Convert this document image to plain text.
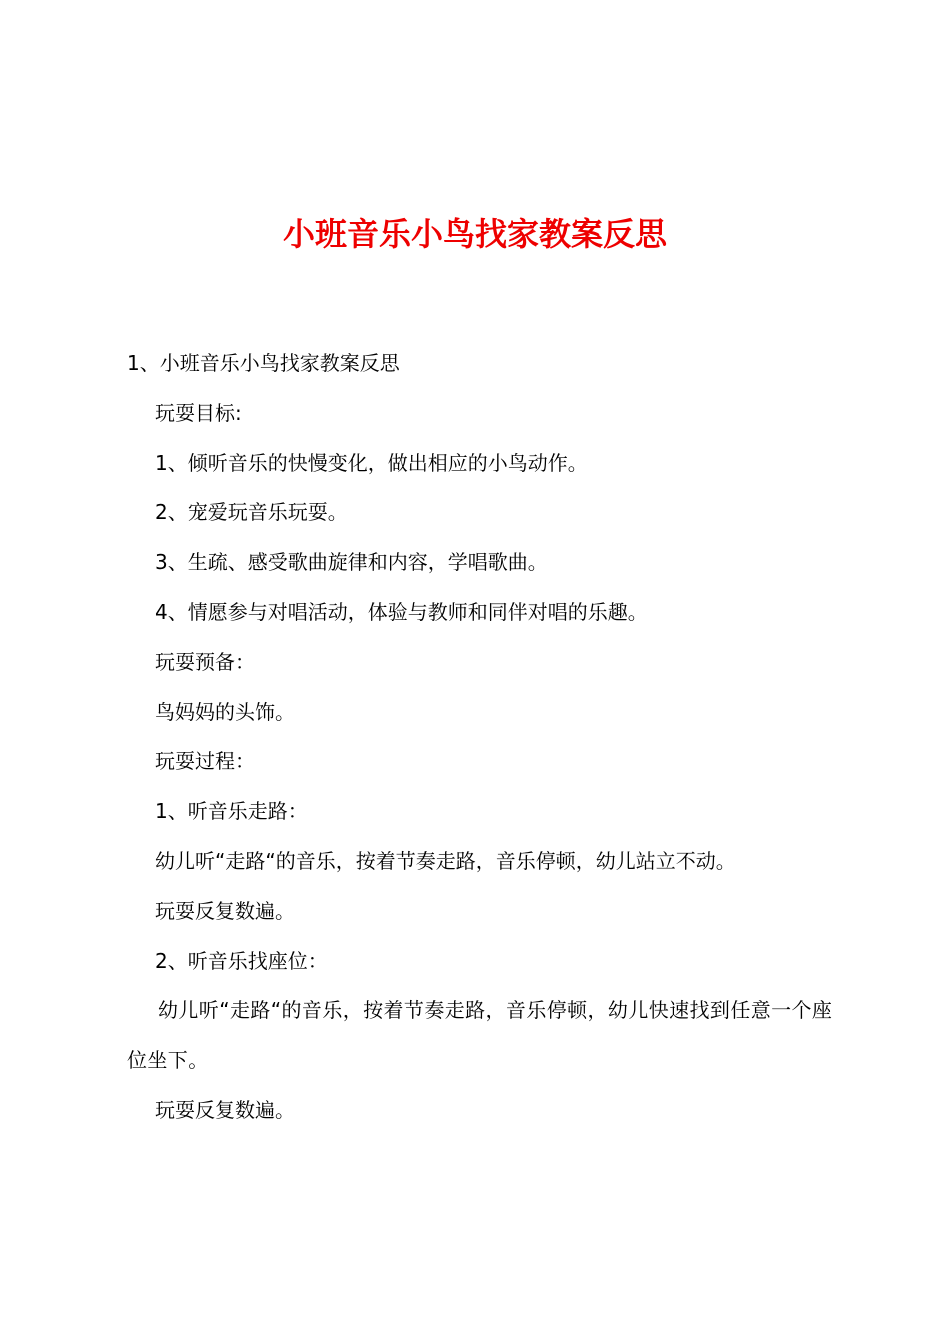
小班音乐小鸟找家教案反思

1、小班音乐小鸟找家教案反思

玩耍目标:

1、倾听音乐的快慢变化，做出相应的小鸟动作。

2、宠爱玩音乐玩耍。

3、生疏、感受歌曲旋律和内容，学唱歌曲。

4、情愿参与对唱活动，体验与教师和同伴对唱的乐趣。

玩耍预备：

鸟妈妈的头饰。

玩耍过程：

1、听音乐走路：

幼儿听“走路“的音乐，按着节奏走路，音乐停顿，幼儿站立不动。

玩耍反复数遍。

2、听音乐找座位：

幼儿听“走路“的音乐，按着节奏走路，音乐停顿，幼儿快速找到任意一个座位坐下。

玩耍反复数遍。
